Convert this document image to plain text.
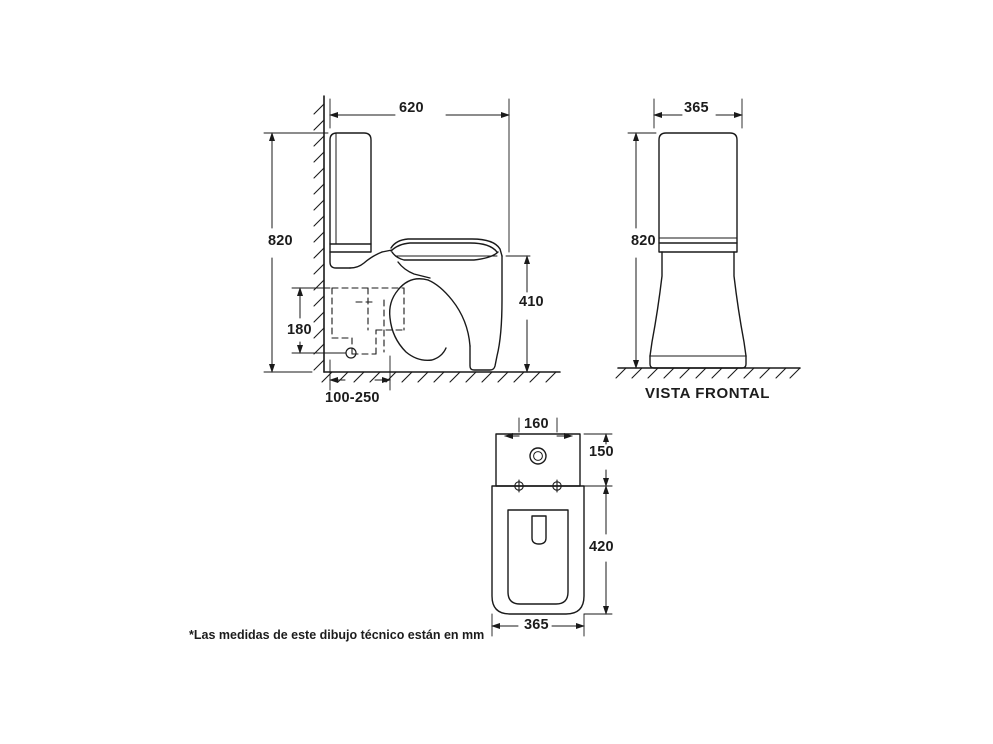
620
820
410
180
100-250
365
820
VISTA FRONTAL
160
150
420
365
*Las medidas de este dibujo técnico están en mm
